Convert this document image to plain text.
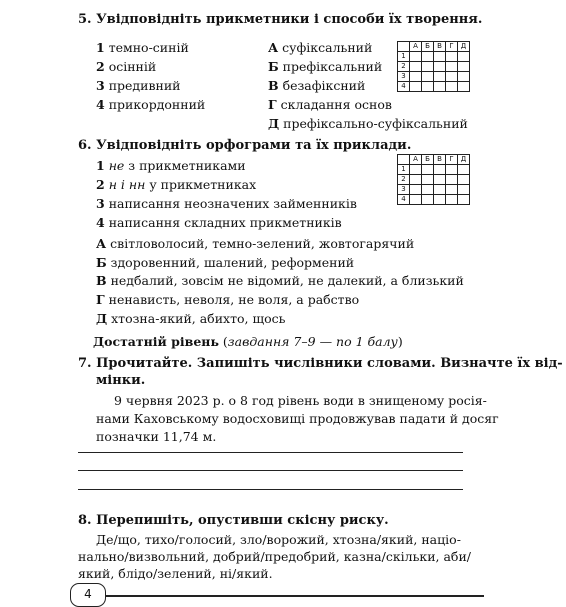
5. Увідповідніть прикметники і способи їх творення.
1 темно-синій
2 осінній
3 предивний
4 прикордонний
А суфіксальний
Б префіксальний
В безафіксний
Г складання основ
Д префіксально-суфіксальний
	А	Б	В	Г	Д
1					
2					
3					
4					
6. Увідповідніть орфограми та їх приклади.
1 не з прикметниками
2 н і нн у прикметниках
3 написання неозначених займенників
4 написання складних прикметників
	А	Б	В	Г	Д
1					
2					
3					
4					
А світловолосий, темно-зелений, жовтогарячий
Б здоровенний, шалений, реформений
В недбалий, зовсім не відомий, не далекий, а близький
Г ненависть, неволя, не воля, а рабство
Д хтозна-який, абихто, щось
Достатній рівень (завдання 7–9 — по 1 балу)
7. Прочитайте. Запишіть числівники словами. Визначте їх від-
мінки.
9 червня 2023 р. о 8 год рівень води в знищеному росія-
нами Каховському водосховищі продовжував падати й досяг
позначки 11,74 м.
8. Перепишіть, опустивши скісну риску.
Де/що, тихо/голосий, зло/ворожий, хтозна/який, націо-
нально/визвольний, добрий/предобрий, казна/скільки, аби/
який, блідо/зелений, ні/який.
4
